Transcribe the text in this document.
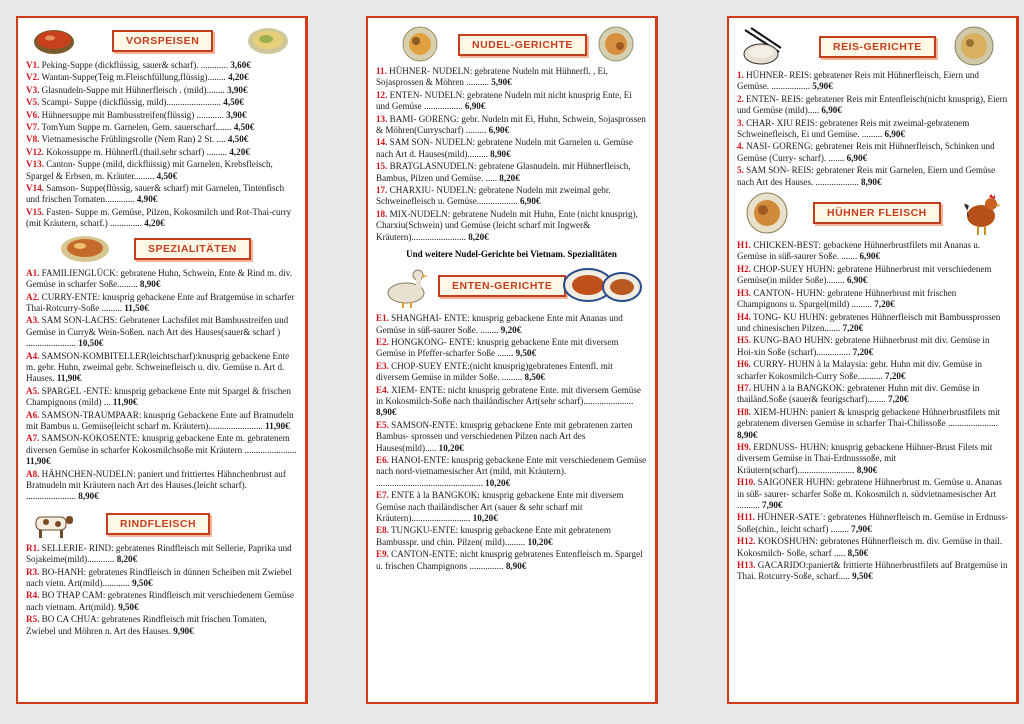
VORSPEISEN
V1. Peking-Suppe (dickflüssig, sauer& scharf). ............ 3,60€
V2. Wantan-Suppe(Teig m.Fleischfüllung,flüssig)........ 4,20€
V3. Glasnudeln-Suppe mit Hühnerfleisch . (mild)........ 3,90€
V5. Scampi- Suppe (dickflüssig, mild)........................ 4,50€
V6. Hühnersuppe mit Bambusstreifen(flüssig) ............ 3,90€
V7. TomYum Suppe m. Garnelen, Gem. sauerscharf....... 4,50€
V8. Vietnamesische Frühlingsrolle (Nem Ran) 2 St. .... 4,50€
V12. Kokossuppe m. Hühnerfl.(thail.sehr scharf) ......... 4,20€
V13. Canton- Suppe (mild, dickflüssig) mit Garnelen, Krebsfleisch, Spargel & Erbsen, m. Kräuter......... 4,50€
V14. Samson- Suppe(flüssig, sauer& scharf) mit Garnelen, Tintenfisch und frischen Tomaten............. 4,90€
V15. Fasten- Suppe m. Gemüse, Pilzen, Kokosmilch und Rot-Thai-curry (mit Kräutern, scharf.) .............. 4,20€
SPEZIALITÄTEN
A1. FAMILIENGLÜCK: gebratene Huhn, Schwein, Ente & Rind m. div. Gemüse in scharfer Soße......... 8,90€
A2. CURRY-ENTE: knusprig gebackene Ente auf Bratgemüse in scharfer Thai-Rotcurry-Soße ......... 11,50€
A3. SAM SON-LACHS: Gebratener Lachsfilet mit Bambusstreifen und Gemüse in Curry& Wein-Soßen. nach Art des Hauses(sauer& scharf ) ...................... 10,50€
A4. SAMSON-KOMBITELLER(leichtscharf):knusprig gebackene Ente m. gebr. Huhn, zweimal gebr. Schweinefleisch u. div. Gemüse n. Art d. Hauses. 11,90€
A5. SPARGEL -ENTE: knusprig gebackene Ente mit Spargel & frischen Champignons (mild) ... 11,90€
A6. SAMSON-TRAUMPAAR: knusprig Gebackene Ente auf Bratnudeln mit Bambus u. Gemüse(leicht scharf m. Kräutern)........................ 11,90€
A7. SAMSON-KOKOSENTE: knusprig gebackene Ente m. gebratenem diversen Gemüse in scharfer Kokosmilchsoße mit Kräutern ....................... 11,90€
A8. HÄHNCHEN-NUDELN: paniert und frittiertes Hähnchenbrust auf Bratnudeln mit Kräutern nach Art des Hauses.(leicht scharf). ...................... 8,90€
RINDFLEISCH
R1. SELLERIE- RIND: gebratenes Rindfleisch mit Sellerie, Paprika und Sojakeime(mild)............ 8,20€
R3. BO-HANH: gebratenes Rindfleisch in dünnen Scheiben mit Zwiebel nach vietn. Art(mild)............ 9,50€
R4. BO THAP CAM: gebratenes Rindfleisch mit verschiedenem Gemüse nach vietnam. Art(mild). 9,50€
R5. BO CA CHUA: gebratenes Rindfleisch mit frischen Tomaten, Zwiebel und Möhren n. Art des Hauses. 9,90€
NUDEL-GERICHTE
11. HÜHNER- NUDELN: gebratene Nudeln mit Hühnerfl. , Ei, Sojasprossen & Möhren .......... 5,90€
12. ENTEN- NUDELN: gebratene Nudeln mit nicht knusprig Ente, Ei und Gemüse ................. 6,90€
13. BAMI- GORENG: gebr. Nudeln mit Ei, Huhn, Schwein, Sojasprossen & Möhren(Curryscharf) ......... 6,90€
14. SAM SON- NUDELN: gebratene Nudeln mit Garnelen u. Gemüse nach Art d. Hauses(mild)......... 8,90€
15. BRATGLASNUDELN: gebratene Glasnudeln. mit Hühnerfleisch, Bambus, Pilzen und Gemüse. ..... 8,20€
17. CHARXIU- NUDELN: gebratene Nudeln mit zweimal gebr. Schweinefleisch u. Gemüse.................. 6,90€
18. MIX-NUDELN: gebratene Nudeln mit Huhn, Ente (nicht knusprig), Charxiu(Schwein) und Gemüse (leicht scharf mit Ingwer& Kräutern)........................ 8,20€
Und weitere Nudel-Gerichte bei Vietnam. Spezialitäten
ENTEN-GERICHTE
E1. SHANGHAI- ENTE: knusprig gebackene Ente mit Ananas und Gemüse in süß-saurer Soße. ........ 9,20€
E2. HONGKONG- ENTE: knusprig gebackene Ente mit diversem Gemüse in Pfeffer-scharfer Soße ....... 9,50€
E3. CHOP-SUEY ENTE:(nicht knusprig)gebratenes Entenfl. mit diversem Gemüse in milder Soße. ......... 8,50€
E4. XIEM- ENTE: nicht knusprig gebratene Ente. mit diversem Gemüse in Kokosmilch-Soße nach thailändischer Art(sehr scharf)...................... 8,90€
E5. SAMSON-ENTE: knusprig gebackene Ente mit gebratenen zarten Bambus- sprossen und verschiedenen Pilzen nach Art des Hauses(mild)..... 10,20€
E6. HANOI-ENTE: knusprig gebackene Ente mit verschiedenem Gemüse nach nord-vietnamesischer Art (mild, mit Kräutern). ............................................... 10,20€
E7. ENTE à la BANGKOK: knusprig gebackene Ente mit diversem Gemüse nach thailändischer Art (sauer & sehr scharf mit Kräutern).......................... 10,20€
E8. TUNGKU-ENTE: knusprig gebackene Ente mit gebratenem Bambusspr. und chin. Pilzen( mild)......... 10,20€
E9. CANTON-ENTE: nicht knusprig gebratenes Entenfleisch m. Spargel u. frischen Champignons ............... 8,90€
REIS-GERICHTE
1. HÜHNER- REIS: gebratener Reis mit Hühnerfleisch, Eiern und Gemüse. ................. 5,90€
2. ENTEN- REIS: gebratener Reis mit Entenfleisch(nicht knusprig), Eiern und Gemüse (mild)..... 6,90€
3. CHAR- XIU REIS: gebratener Reis mit zweimal-gebratenem Schweinefleisch, Ei und Gemüse. ......... 6,90€
4. NASI- GORENG: gebratener Reis mit Hühnerfleisch, Schinken und Gemüse (Curry- scharf). ....... 6,90€
5. SAM SON- REIS: gebratener Reis mit Garnelen, Eiern und Gemüse nach Art des Hauses. ................... 8,90€
HÜHNER FLEISCH
H1. CHICKEN-BEST: gebackene Hühnerbrustfilets mit Ananas u. Gemüse in süß-saurer Soße. ....... 6,90€
H2. CHOP-SUEY HUHN: gebratene Hühnerbrust mit verschiedenem Gemüse(in milder Soße)........ 6,90€
H3. CANTON- HUHN: gebratene Hühnerbrust mit frischen Champignons u. Spargel(mild) ......... 7,20€
H4. TONG- KU HUHN: gebratenes Hühnerfleisch mit Bambussprossen und chinesischen Pilzen....... 7,20€
H5. KUNG-BAO HUHN: gebratene Hühnerbrust mit div. Gemüse in Hoi-xin Soße (scharf)............... 7,20€
H6. CURRY- HUHN à la Malaysia: gebr. Huhn mit div. Gemüse in scharfer Kokosmilch-Curry Soße........... 7,20€
H7. HUHN à la BANGKOK: gebratener Huhn mit div. Gemüse in thailänd.Soße (sauer& feurigscharf)........ 7,20€
H8. XIEM-HUHN: paniert & knusprig gebackene Hühnerbrustfilets mit gebratenem diversen Gemüse in scharfer Thai-Chilissoße ...................... 8,90€
H9. ERDNUSS- HUHN: knusprig gebackene Hühner-Brust Filets mit diversem Gemüse in Thai-Erdnusssoße, mit Kräutern(scharf)......................... 8,90€
H10. SAIGONER HUHN: gebratene Hühnerbrust m. Gemüse u. Ananas in süß- saurer- scharfer Soße m. Kokosmilch n. südvietnamesischer Art .......... 7,90€
H11. HÜHNER-SATE´: gebratenes Hühnerfleisch m. Gemüse in Erdnuss-Soße(chin., leicht scharf) ........ 7,90€
H12. KOKOSHUHN: gebratenes Hühnerfleisch m. div. Gemüse in thail. Kokosmilch- Soße, scharf ..... 8,50€
H13. GACARIDO:paniert& frittierte Hühnerbrustfilets auf Bratgemüse in Thai. Rotcurry-Soße, scharf..... 9,50€
